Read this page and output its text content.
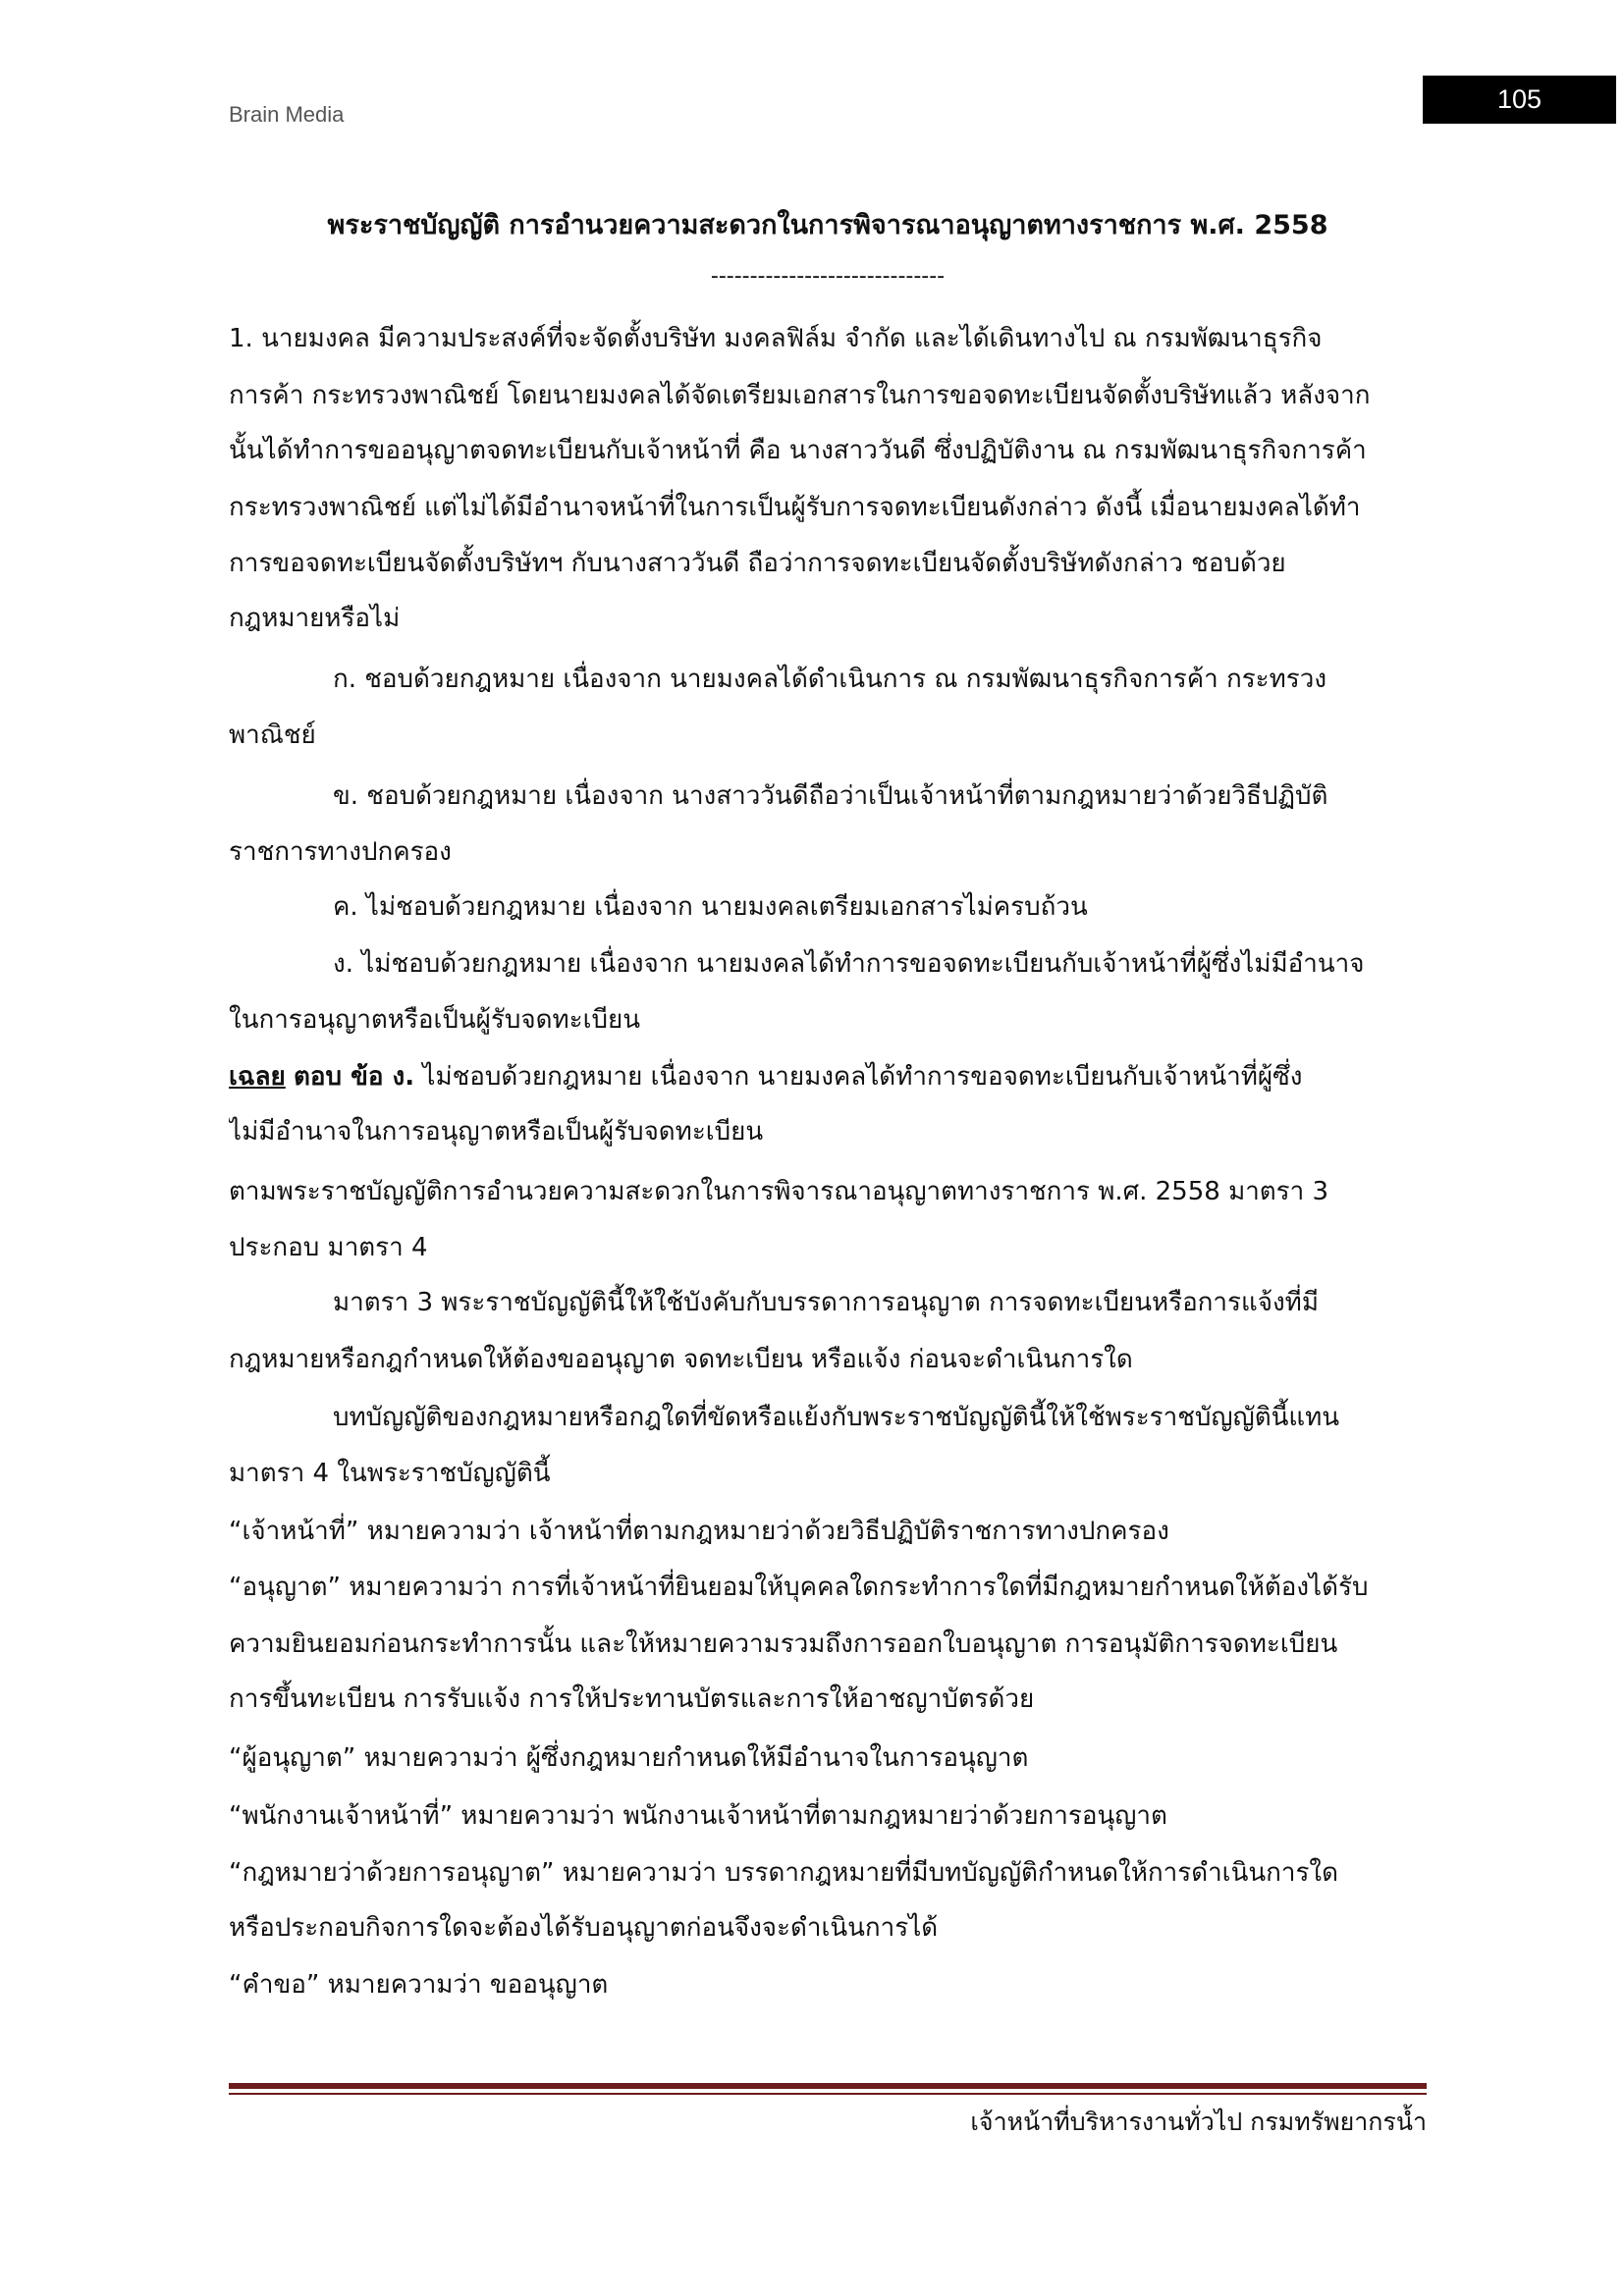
Brain Media
105
พระราชบัญญัติ การอำนวยความสะดวกในการพิจารณาอนุญาตทางราชการ พ.ศ. 2558
------------------------------
1. นายมงคล มีความประสงค์ที่จะจัดตั้งบริษัท มงคลฟิล์ม จำกัด และได้เดินทางไป ณ กรมพัฒนาธุรกิจ
การค้า กระทรวงพาณิชย์ โดยนายมงคลได้จัดเตรียมเอกสารในการขอจดทะเบียนจัดตั้งบริษัทแล้ว หลังจาก
นั้นได้ทำการขออนุญาตจดทะเบียนกับเจ้าหน้าที่ คือ นางสาววันดี ซึ่งปฏิบัติงาน ณ กรมพัฒนาธุรกิจการค้า
กระทรวงพาณิชย์ แต่ไม่ได้มีอำนาจหน้าที่ในการเป็นผู้รับการจดทะเบียนดังกล่าว ดังนี้ เมื่อนายมงคลได้ทำ
การขอจดทะเบียนจัดตั้งบริษัทฯ กับนางสาววันดี ถือว่าการจดทะเบียนจัดตั้งบริษัทดังกล่าว ชอบด้วย
กฎหมายหรือไม่
ก. ชอบด้วยกฎหมาย เนื่องจาก นายมงคลได้ดำเนินการ ณ กรมพัฒนาธุรกิจการค้า กระทรวง
พาณิชย์
ข. ชอบด้วยกฎหมาย เนื่องจาก นางสาววันดีถือว่าเป็นเจ้าหน้าที่ตามกฎหมายว่าด้วยวิธีปฏิบัติ
ราชการทางปกครอง
ค. ไม่ชอบด้วยกฎหมาย เนื่องจาก นายมงคลเตรียมเอกสารไม่ครบถ้วน
ง. ไม่ชอบด้วยกฎหมาย เนื่องจาก นายมงคลได้ทำการขอจดทะเบียนกับเจ้าหน้าที่ผู้ซึ่งไม่มีอำนาจ
ในการอนุญาตหรือเป็นผู้รับจดทะเบียน
เฉลย ตอบ ข้อ ง. ไม่ชอบด้วยกฎหมาย เนื่องจาก นายมงคลได้ทำการขอจดทะเบียนกับเจ้าหน้าที่ผู้ซึ่ง
ไม่มีอำนาจในการอนุญาตหรือเป็นผู้รับจดทะเบียน
ตามพระราชบัญญัติการอำนวยความสะดวกในการพิจารณาอนุญาตทางราชการ พ.ศ. 2558 มาตรา 3
ประกอบ มาตรา 4
มาตรา 3 พระราชบัญญัตินี้ให้ใช้บังคับกับบรรดาการอนุญาต การจดทะเบียนหรือการแจ้งที่มี
กฎหมายหรือกฎกำหนดให้ต้องขออนุญาต จดทะเบียน หรือแจ้ง ก่อนจะดำเนินการใด
บทบัญญัติของกฎหมายหรือกฎใดที่ขัดหรือแย้งกับพระราชบัญญัตินี้ให้ใช้พระราชบัญญัตินี้แทน
มาตรา 4 ในพระราชบัญญัตินี้
“เจ้าหน้าที่” หมายความว่า เจ้าหน้าที่ตามกฎหมายว่าด้วยวิธีปฏิบัติราชการทางปกครอง
“อนุญาต” หมายความว่า การที่เจ้าหน้าที่ยินยอมให้บุคคลใดกระทำการใดที่มีกฎหมายกำหนดให้ต้องได้รับ
ความยินยอมก่อนกระทำการนั้น และให้หมายความรวมถึงการออกใบอนุญาต การอนุมัติการจดทะเบียน
การขึ้นทะเบียน การรับแจ้ง การให้ประทานบัตรและการให้อาชญาบัตรด้วย
“ผู้อนุญาต” หมายความว่า ผู้ซึ่งกฎหมายกำหนดให้มีอำนาจในการอนุญาต
“พนักงานเจ้าหน้าที่” หมายความว่า พนักงานเจ้าหน้าที่ตามกฎหมายว่าด้วยการอนุญาต
“กฎหมายว่าด้วยการอนุญาต” หมายความว่า บรรดากฎหมายที่มีบทบัญญัติกำหนดให้การดำเนินการใด
หรือประกอบกิจการใดจะต้องได้รับอนุญาตก่อนจึงจะดำเนินการได้
“คำขอ” หมายความว่า ขออนุญาต
เจ้าหน้าที่บริหารงานทั่วไป กรมทรัพยากรน้ำ
